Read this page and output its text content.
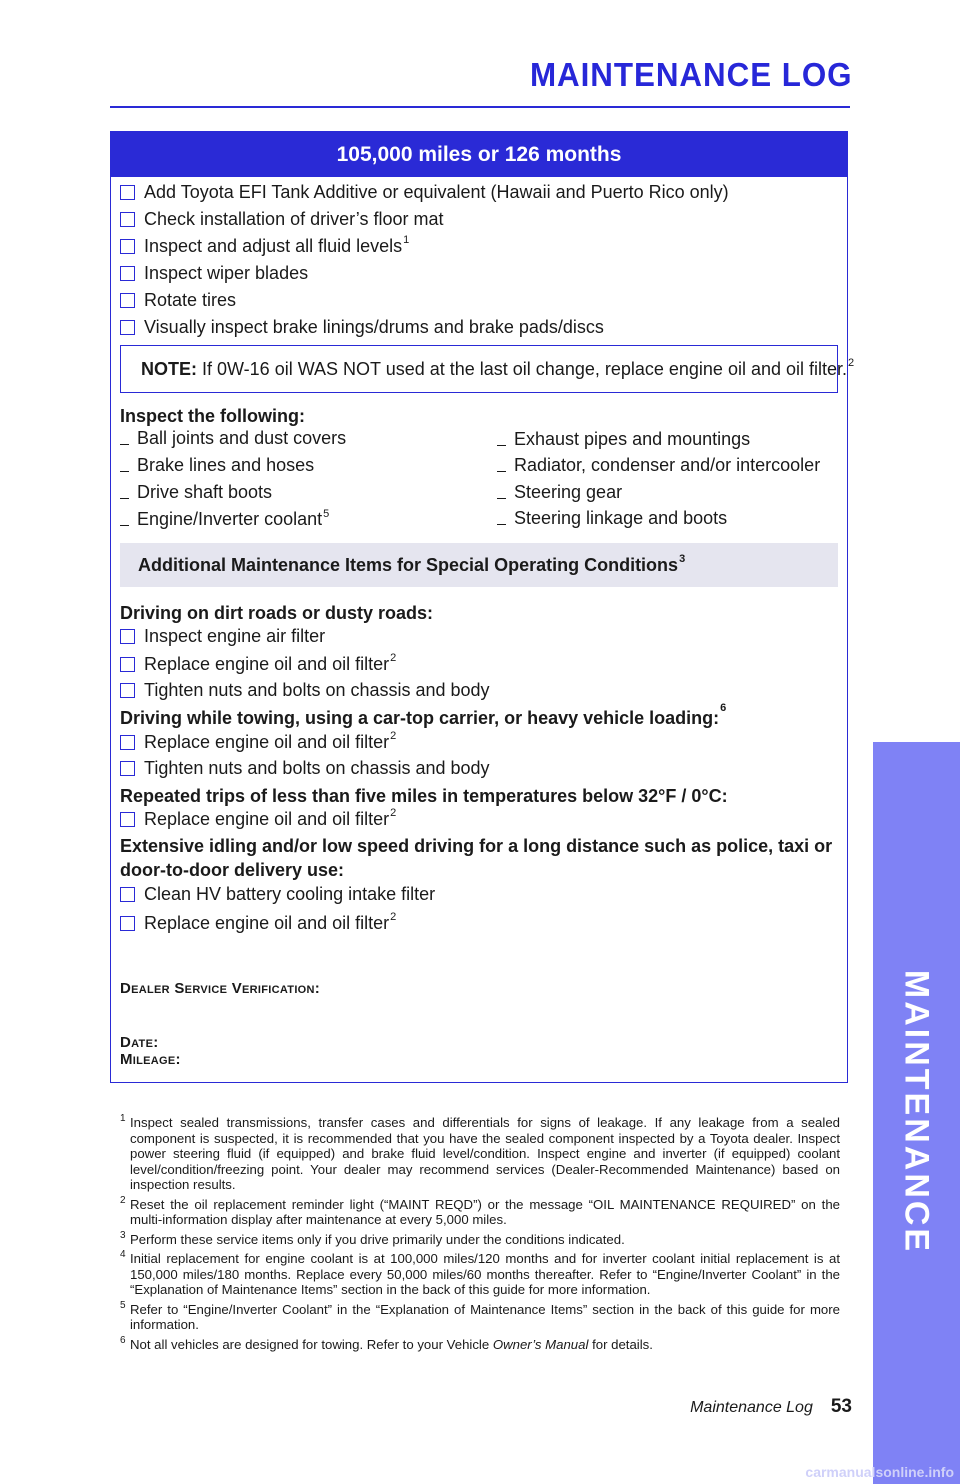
MAINTENANCE LOG
105,000 miles or 126 months
Add Toyota EFI Tank Additive or equivalent (Hawaii and Puerto Rico only)
Check installation of driver’s floor mat
Inspect and adjust all fluid levels$^1$
Inspect wiper blades
Rotate tires
Visually inspect brake linings/drums and brake pads/discs
NOTE: If 0W-16 oil WAS NOT used at the last oil change, replace engine oil and oil filter.$^2$
Inspect the following:
Ball joints and dust covers
Brake lines and hoses
Drive shaft boots
Engine/Inverter coolant$^5$
Exhaust pipes and mountings
Radiator, condenser and/or intercooler
Steering gear
Steering linkage and boots
Additional Maintenance Items for Special Operating Conditions$^3$
Driving on dirt roads or dusty roads:
Inspect engine air filter
Replace engine oil and oil filter$^2$
Tighten nuts and bolts on chassis and body
Driving while towing, using a car-top carrier, or heavy vehicle loading:$^6$
Replace engine oil and oil filter$^2$
Tighten nuts and bolts on chassis and body
Repeated trips of less than five miles in temperatures below 32°F / 0°C:
Replace engine oil and oil filter$^2$
Extensive idling and/or low speed driving for a long distance such as police, taxi or
door-to-door delivery use:
Clean HV battery cooling intake filter
Replace engine oil and oil filter$^2$
Dealer Service Verification:
Date:
Mileage:
1 Inspect sealed transmissions, transfer cases and differentials for signs of leakage. If any leakage from a sealed component is suspected, it is recommended that you have the sealed component inspected by a Toyota dealer. Inspect power steering fluid (if equipped) and brake fluid level/condition. Inspect engine and inverter (if equipped) coolant level/condition/freezing point. Your dealer may recommend services (Dealer-Recommended Maintenance) based on inspection results.
2 Reset the oil replacement reminder light (“MAINT REQD”) or the message “OIL MAINTENANCE REQUIRED” on the multi-information display after maintenance at every 5,000 miles.
3 Perform these service items only if you drive primarily under the conditions indicated.
4 Initial replacement for engine coolant is at 100,000 miles/120 months and for inverter coolant initial replacement is at 150,000 miles/180 months. Replace every 50,000 miles/60 months thereafter. Refer to “Engine/Inverter Coolant” in the “Explanation of Maintenance Items” section in the back of this guide for more information.
5 Refer to “Engine/Inverter Coolant” in the “Explanation of Maintenance Items” section in the back of this guide for more information.
6 Not all vehicles are designed for towing. Refer to your Vehicle Owner’s Manual for details.
Maintenance Log 53
MAINTENANCE
carmanualsonline.info
